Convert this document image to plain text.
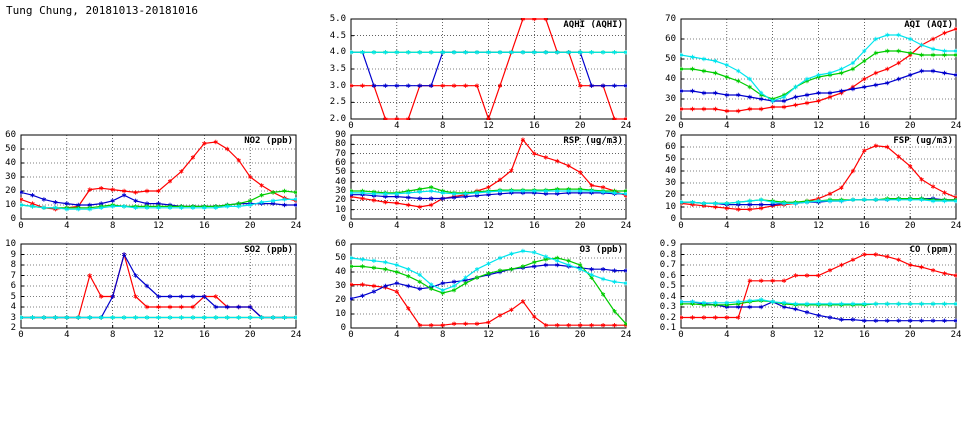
Tung Chung, 20181013-20181016
NO2 (ppb)
0	4	8	12	16	20	24
0
10
20
30
40
50
60
AQHI (AQHI)
0	4	8	12	16	20	24
2.0
2.5
3.0
3.5
4.0
4.5
5.0
AQI (AQI)
0	4	8	12	16	20	24
20
30
40
50
60
70
SO2 (ppb)
0	4	8	12	16	20	24
2
3
4
5
6
7
8
9
10
RSP (ug/m3)
0	4	8	12	16	20	24
0
10
20
30
40
50
60
70
80
90
FSP (ug/m3)
0	4	8	12	16	20	24
0
10
20
30
40
50
60
70
O3 (ppb)
0	4	8	12	16	20	24
0
10
20
30
40
50
60
CO (ppm)
0	4	8	12	16	20	24
0.1
0.2
0.3
0.4
0.5
0.6
0.7
0.8
0.9
